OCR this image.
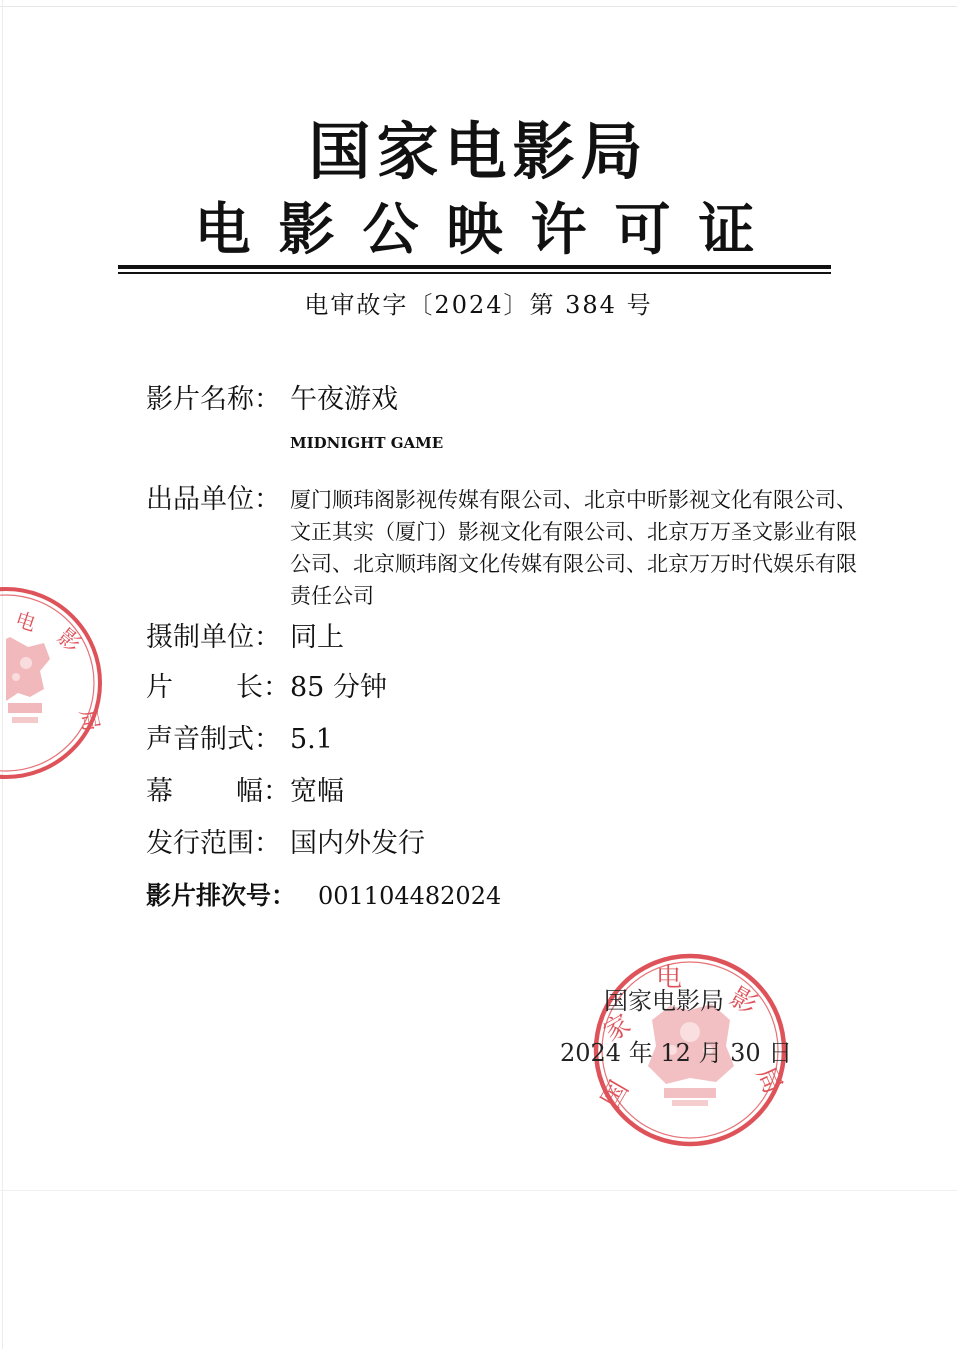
国家电影局
电影公映许可证
电审故字〔2024〕第 384 号
电
影
局
影片名称： 午夜游戏
MIDNIGHT GAME
出品单位： 厦门顺玮阁影视传媒有限公司、北京中昕影视文化有限公司、
文正其实（厦门）影视文化有限公司、北京万万圣文影业有限
公司、北京顺玮阁文化传媒有限公司、北京万万时代娱乐有限
责任公司
摄制单位： 同上
片 长： 85 分钟
声音制式： 5.1
幕 幅： 宽幅
发行范围： 国内外发行
影片排次号： 001104482024
国
家
电
影
局
国家电影局
2024 年 12 月 30 日
